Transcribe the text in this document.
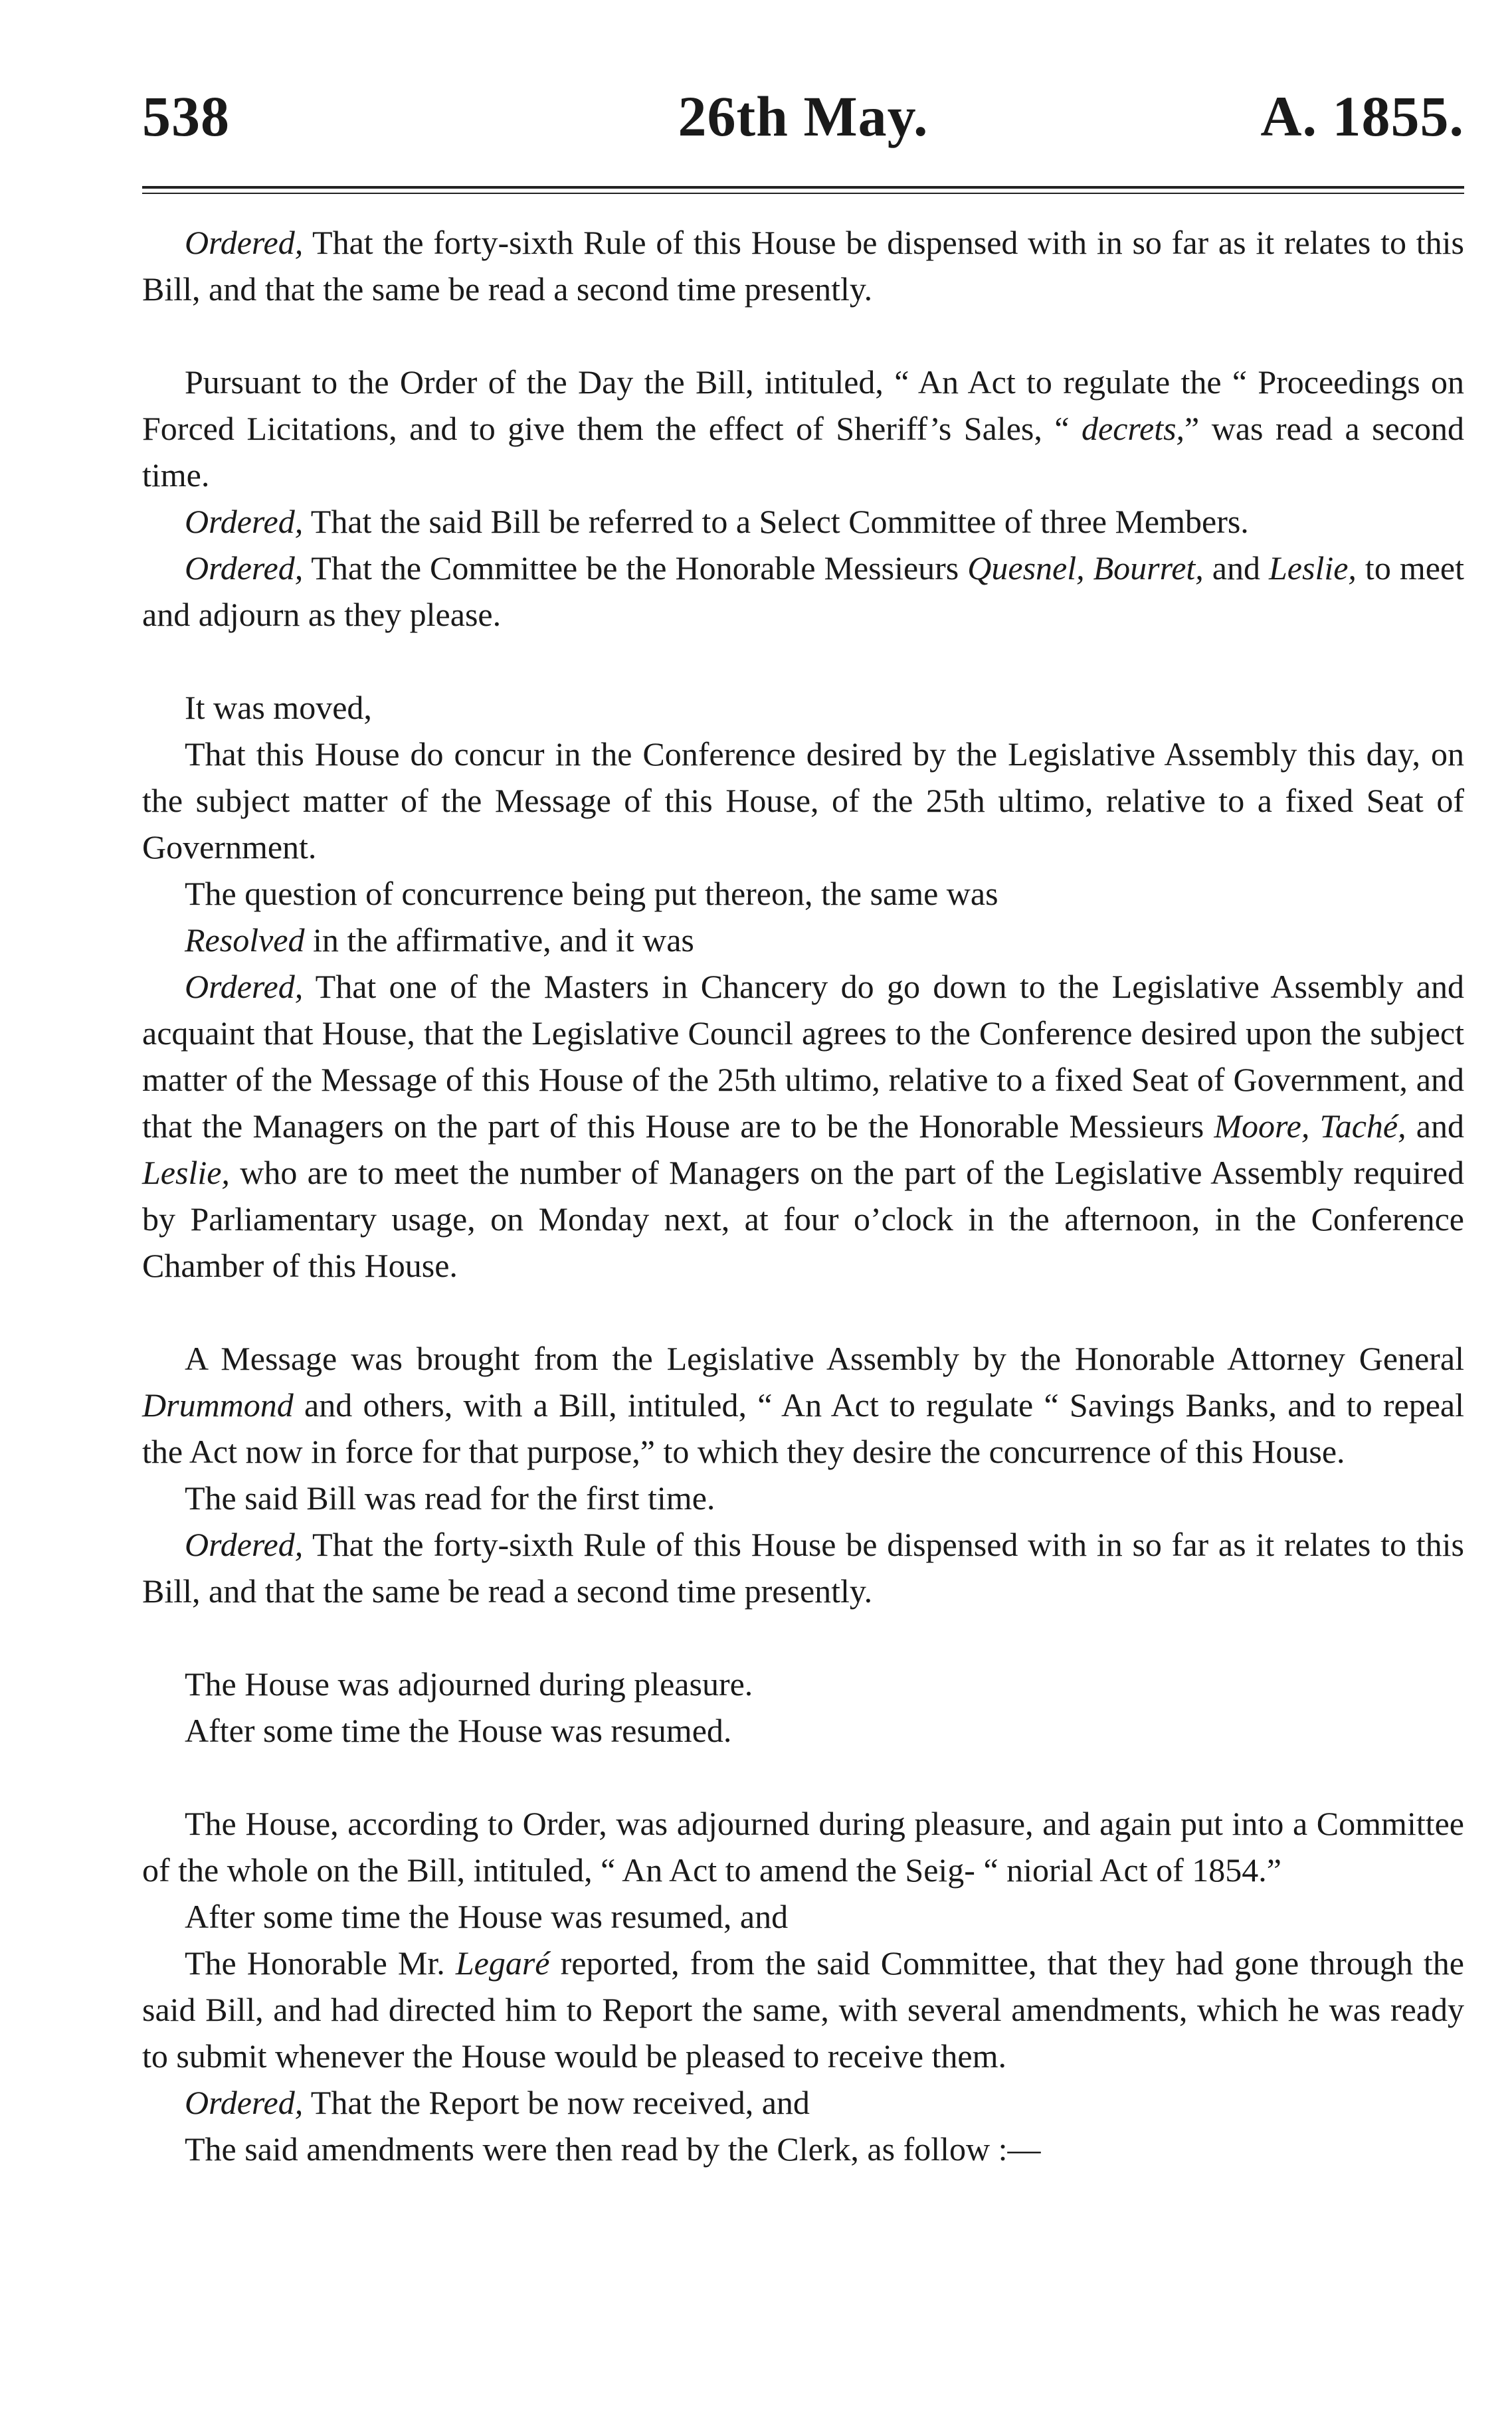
538	26th May.	A. 1855.

Ordered, That the forty-sixth Rule of this House be dispensed with in so far as it relates to this Bill, and that the same be read a second time presently.

Pursuant to the Order of the Day the Bill, intituled, “ An Act to regulate the “ Proceedings on Forced Licitations, and to give them the effect of Sheriff’s Sales, “ decrets,” was read a second time.

Ordered, That the said Bill be referred to a Select Committee of three Members.

Ordered, That the Committee be the Honorable Messieurs Quesnel, Bourret, and Leslie, to meet and adjourn as they please.

It was moved,

That this House do concur in the Conference desired by the Legislative Assembly this day, on the subject matter of the Message of this House, of the 25th ultimo, relative to a fixed Seat of Government.

The question of concurrence being put thereon, the same was

Resolved in the affirmative, and it was

Ordered, That one of the Masters in Chancery do go down to the Legislative Assembly and acquaint that House, that the Legislative Council agrees to the Conference desired upon the subject matter of the Message of this House of the 25th ultimo, relative to a fixed Seat of Government, and that the Managers on the part of this House are to be the Honorable Messieurs Moore, Taché, and Leslie, who are to meet the number of Managers on the part of the Legislative Assembly required by Parliamentary usage, on Monday next, at four o’clock in the afternoon, in the Conference Chamber of this House.

A Message was brought from the Legislative Assembly by the Honorable Attorney General Drummond and others, with a Bill, intituled, “ An Act to regulate “ Savings Banks, and to repeal the Act now in force for that purpose,” to which they desire the concurrence of this House.

The said Bill was read for the first time.

Ordered, That the forty-sixth Rule of this House be dispensed with in so far as it relates to this Bill, and that the same be read a second time presently.

The House was adjourned during pleasure.

After some time the House was resumed.

The House, according to Order, was adjourned during pleasure, and again put into a Committee of the whole on the Bill, intituled, “ An Act to amend the Seig- “ niorial Act of 1854.”

After some time the House was resumed, and

The Honorable Mr. Legaré reported, from the said Committee, that they had gone through the said Bill, and had directed him to Report the same, with several amendments, which he was ready to submit whenever the House would be pleased to receive them.

Ordered, That the Report be now received, and

The said amendments were then read by the Clerk, as follow :—
